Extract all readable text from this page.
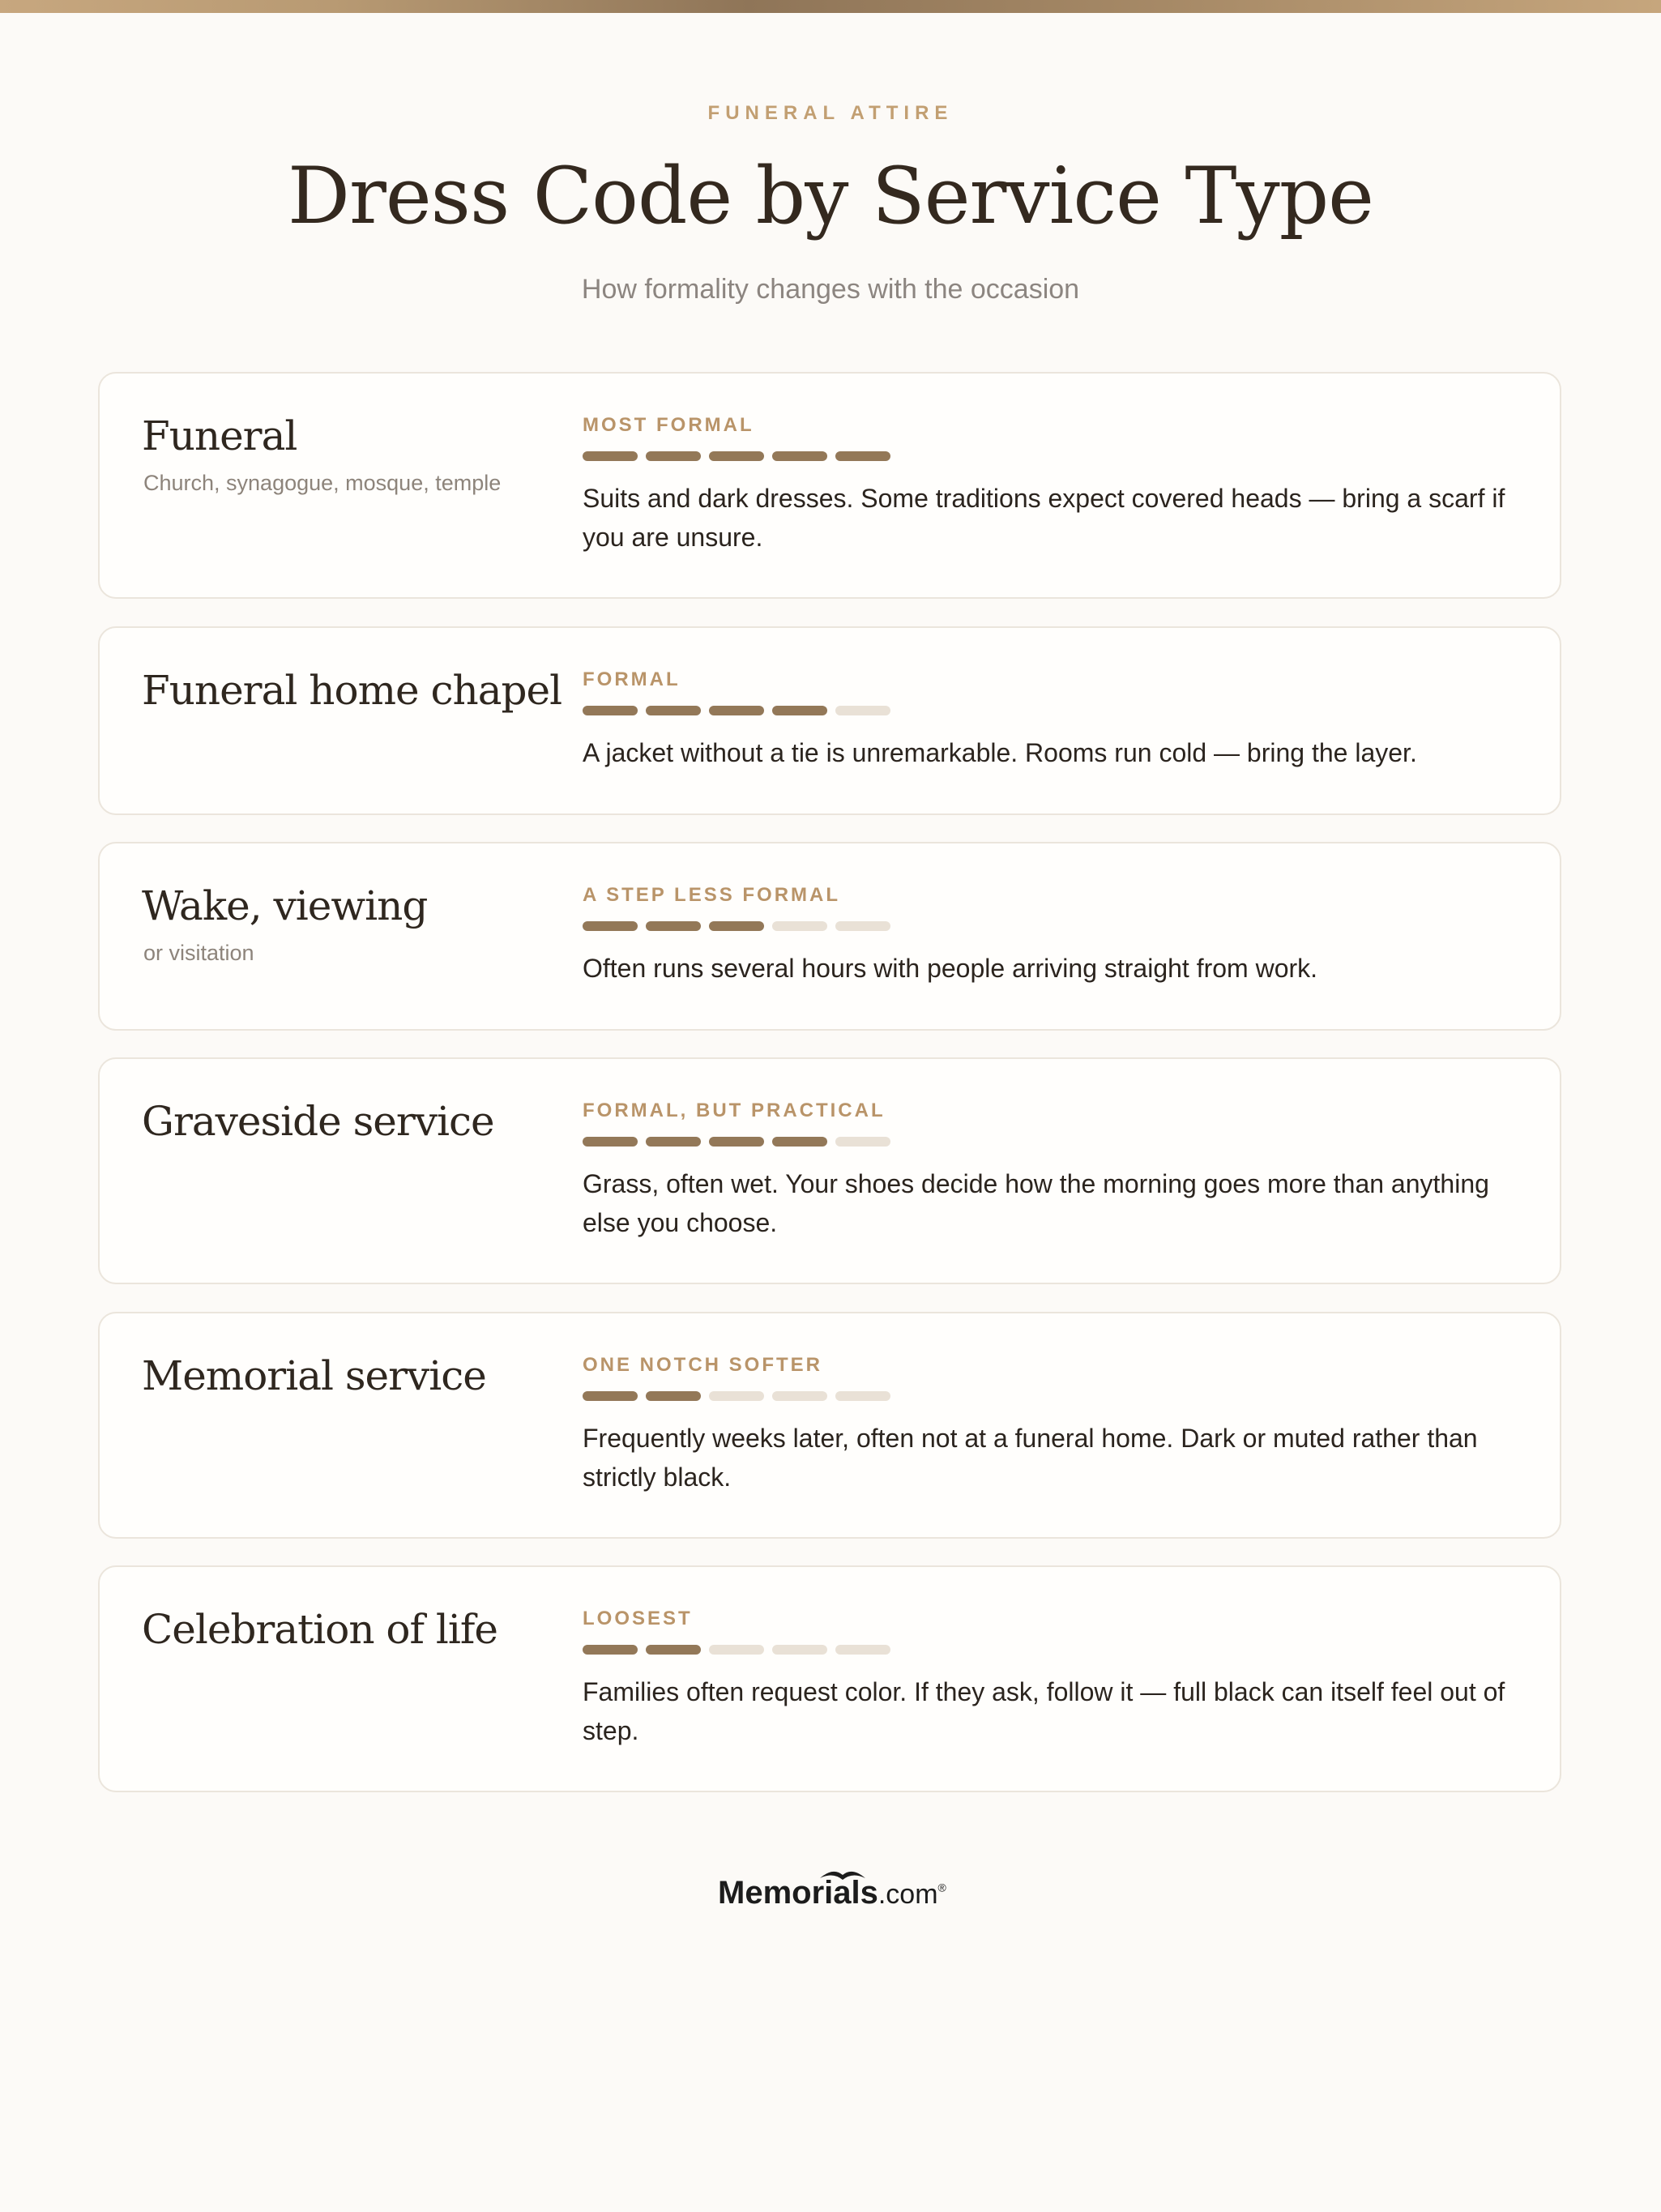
FUNERAL ATTIRE
Dress Code by Service Type
How formality changes with the occasion
Funeral
Church, synagogue, mosque, temple
MOST FORMAL
Suits and dark dresses. Some traditions expect covered heads — bring a scarf if you are unsure.
Funeral home chapel FORMAL
A jacket without a tie is unremarkable. Rooms run cold — bring the layer.
Wake, viewing
or visitation
A STEP LESS FORMAL
Often runs several hours with people arriving straight from work.
Graveside service	FORMAL, BUT PRACTICAL
Grass, often wet. Your shoes decide how the morning goes more than anything else you choose.
Memorial service	ONE NOTCH SOFTER
Frequently weeks later, often not at a funeral home. Dark or muted rather than strictly black.
Celebration of life	LOOSEST
Families often request color. If they ask, follow it — full black can itself feel out of step.
Memorials.com®
